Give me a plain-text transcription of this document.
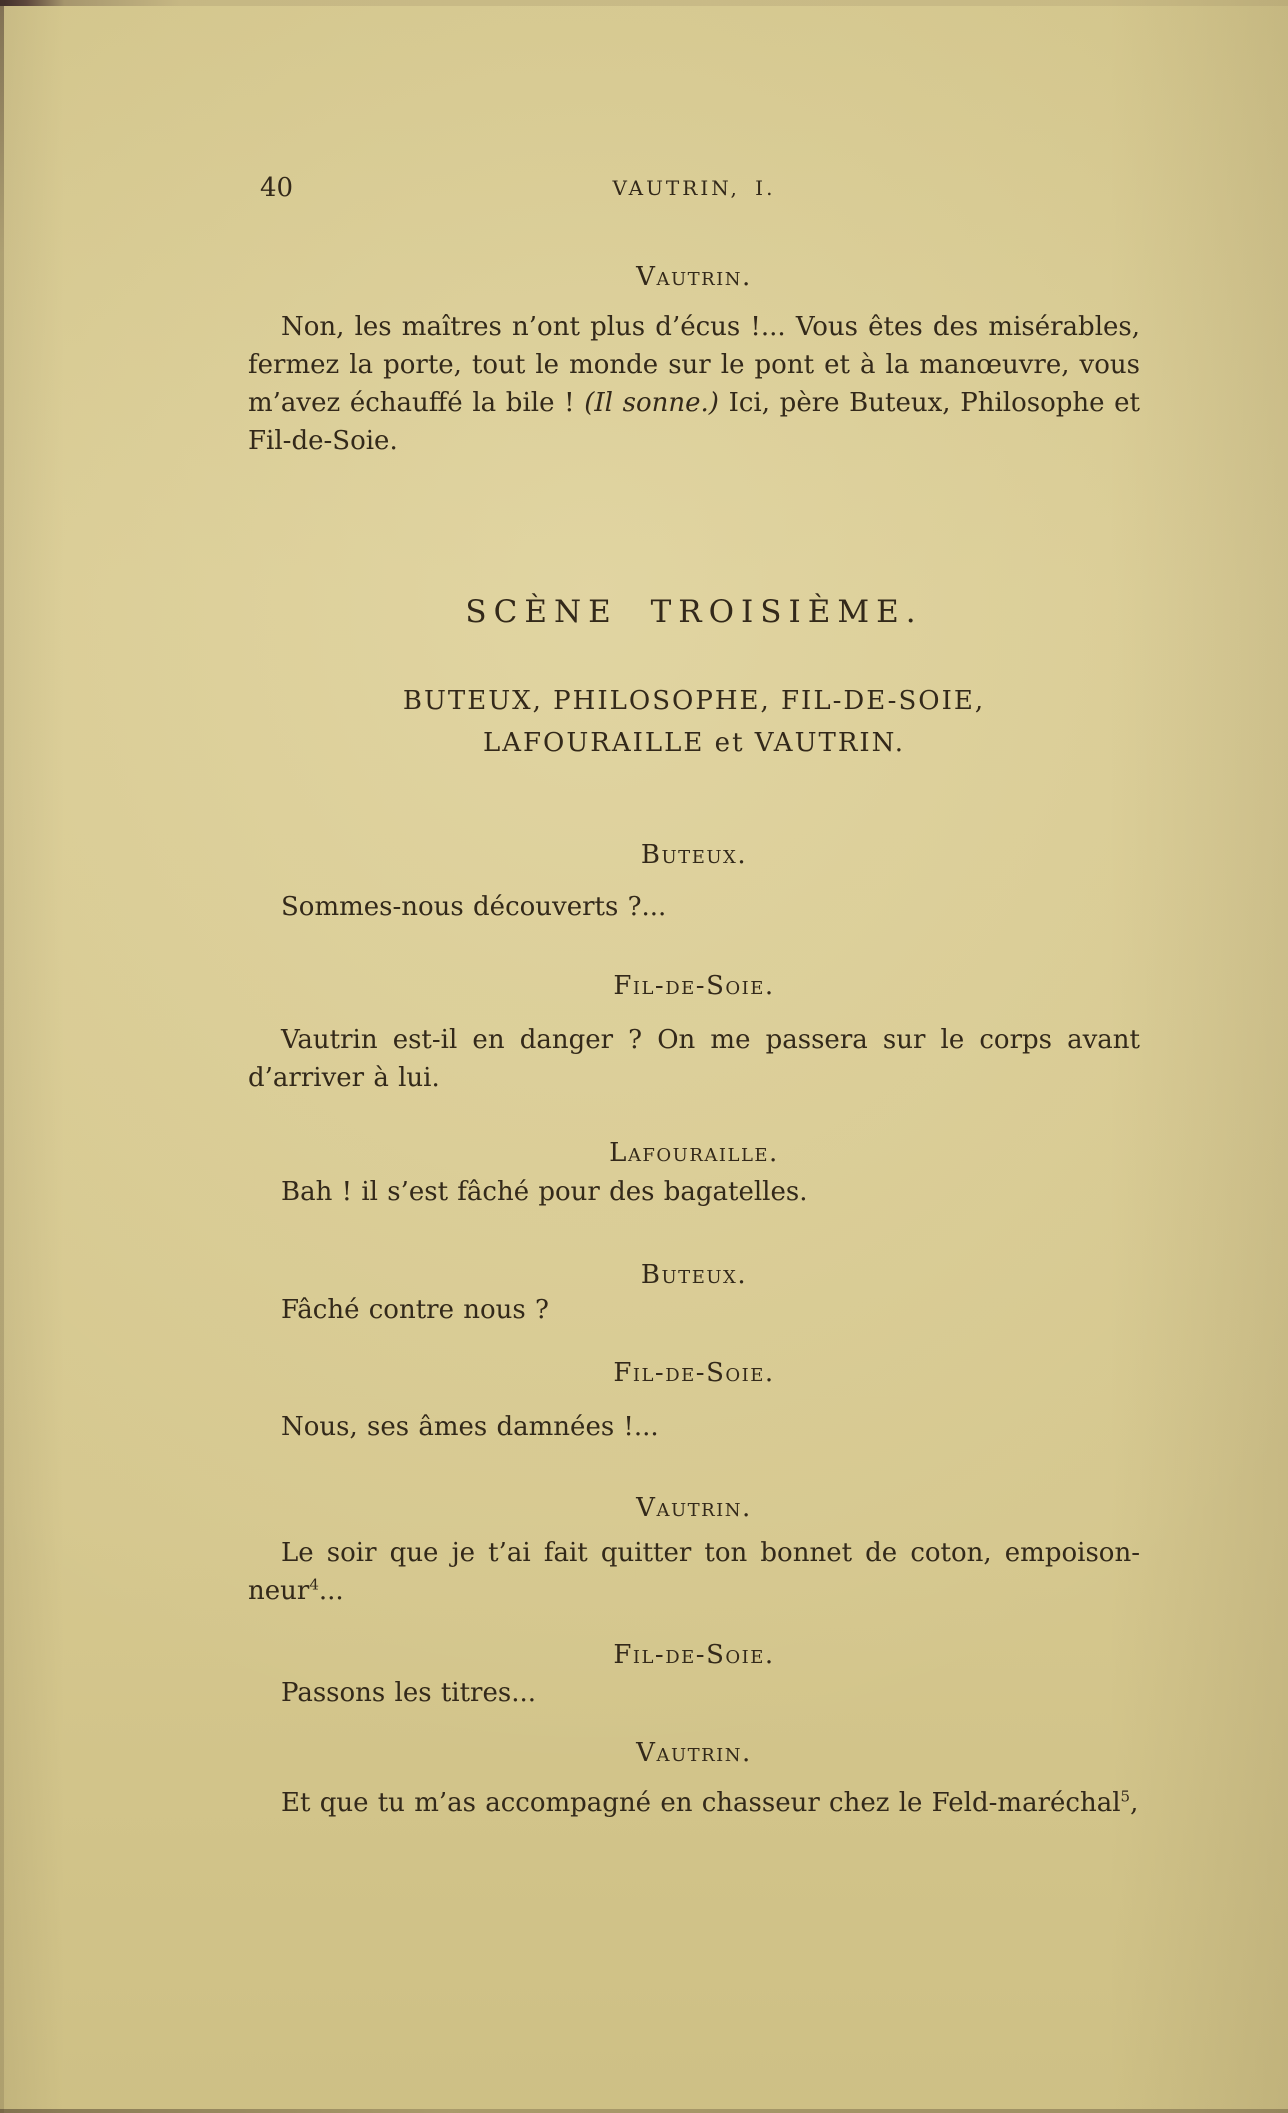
40	VAUTRIN, I.
Vautrin.

Non, les maîtres n’ont plus d’écus !... Vous êtes des misérables, fermez la porte, tout le monde sur le pont et à la manœuvre, vous m’avez échauffé la bile ! (Il sonne.) Ici, père Buteux, Philosophe et Fil-de-Soie.

SCÈNE TROISIÈME.
BUTEUX, PHILOSOPHE, FIL-DE-SOIE,
LAFOURAILLE et VAUTRIN.
Buteux.

Sommes-nous découverts ?...

Fil-de-Soie.

Vautrin est-il en danger ? On me passera sur le corps avant d’arriver à lui.

Lafouraille.

Bah ! il s’est fâché pour des bagatelles.

Buteux.

Fâché contre nous ?

Fil-de-Soie.

Nous, ses âmes damnées !...

Vautrin.

Le soir que je t’ai fait quitter ton bonnet de coton, empoisonneur$^4$...

Fil-de-Soie.

Passons les titres...

Vautrin.

Et que tu m’as accompagné en chasseur chez le Feld-maréchal$^5$,
